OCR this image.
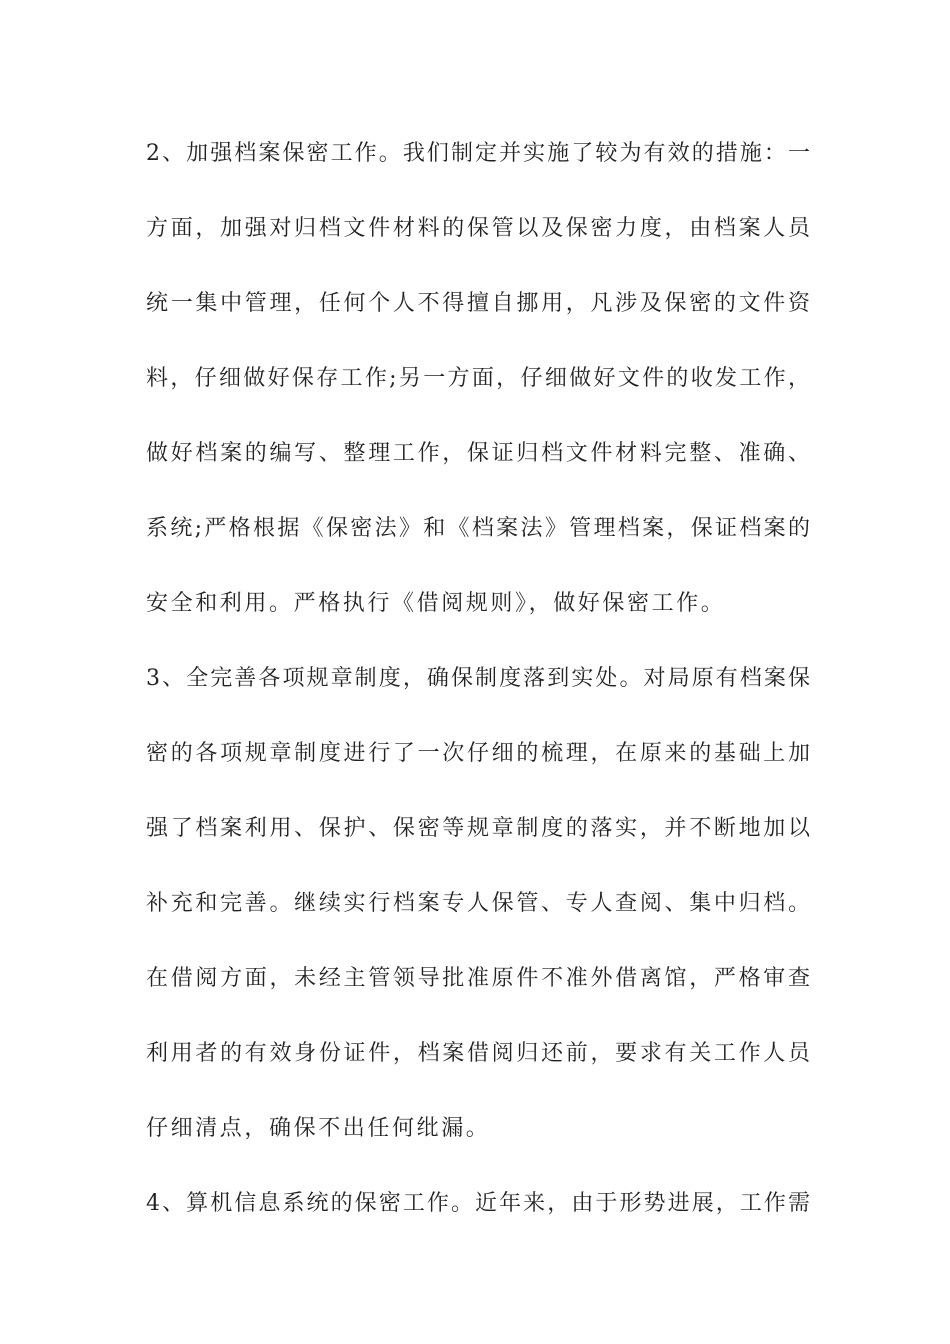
2、加强档案保密工作。我们制定并实施了较为有效的措施：一
方面，加强对归档文件材料的保管以及保密力度，由档案人员
统一集中管理，任何个人不得擅自挪用，凡涉及保密的文件资
料，仔细做好保存工作;另一方面，仔细做好文件的收发工作，
做好档案的编写、整理工作，保证归档文件材料完整、准确、
系统;严格根据《保密法》和《档案法》管理档案，保证档案的
安全和利用。严格执行《借阅规则》，做好保密工作。
3、全完善各项规章制度，确保制度落到实处。对局原有档案保
密的各项规章制度进行了一次仔细的梳理，在原来的基础上加
强了档案利用、保护、保密等规章制度的落实，并不断地加以
补充和完善。继续实行档案专人保管、专人查阅、集中归档。
在借阅方面，未经主管领导批准原件不准外借离馆，严格审查
利用者的有效身份证件，档案借阅归还前，要求有关工作人员
仔细清点，确保不出任何纰漏。
4、算机信息系统的保密工作。近年来，由于形势进展，工作需
